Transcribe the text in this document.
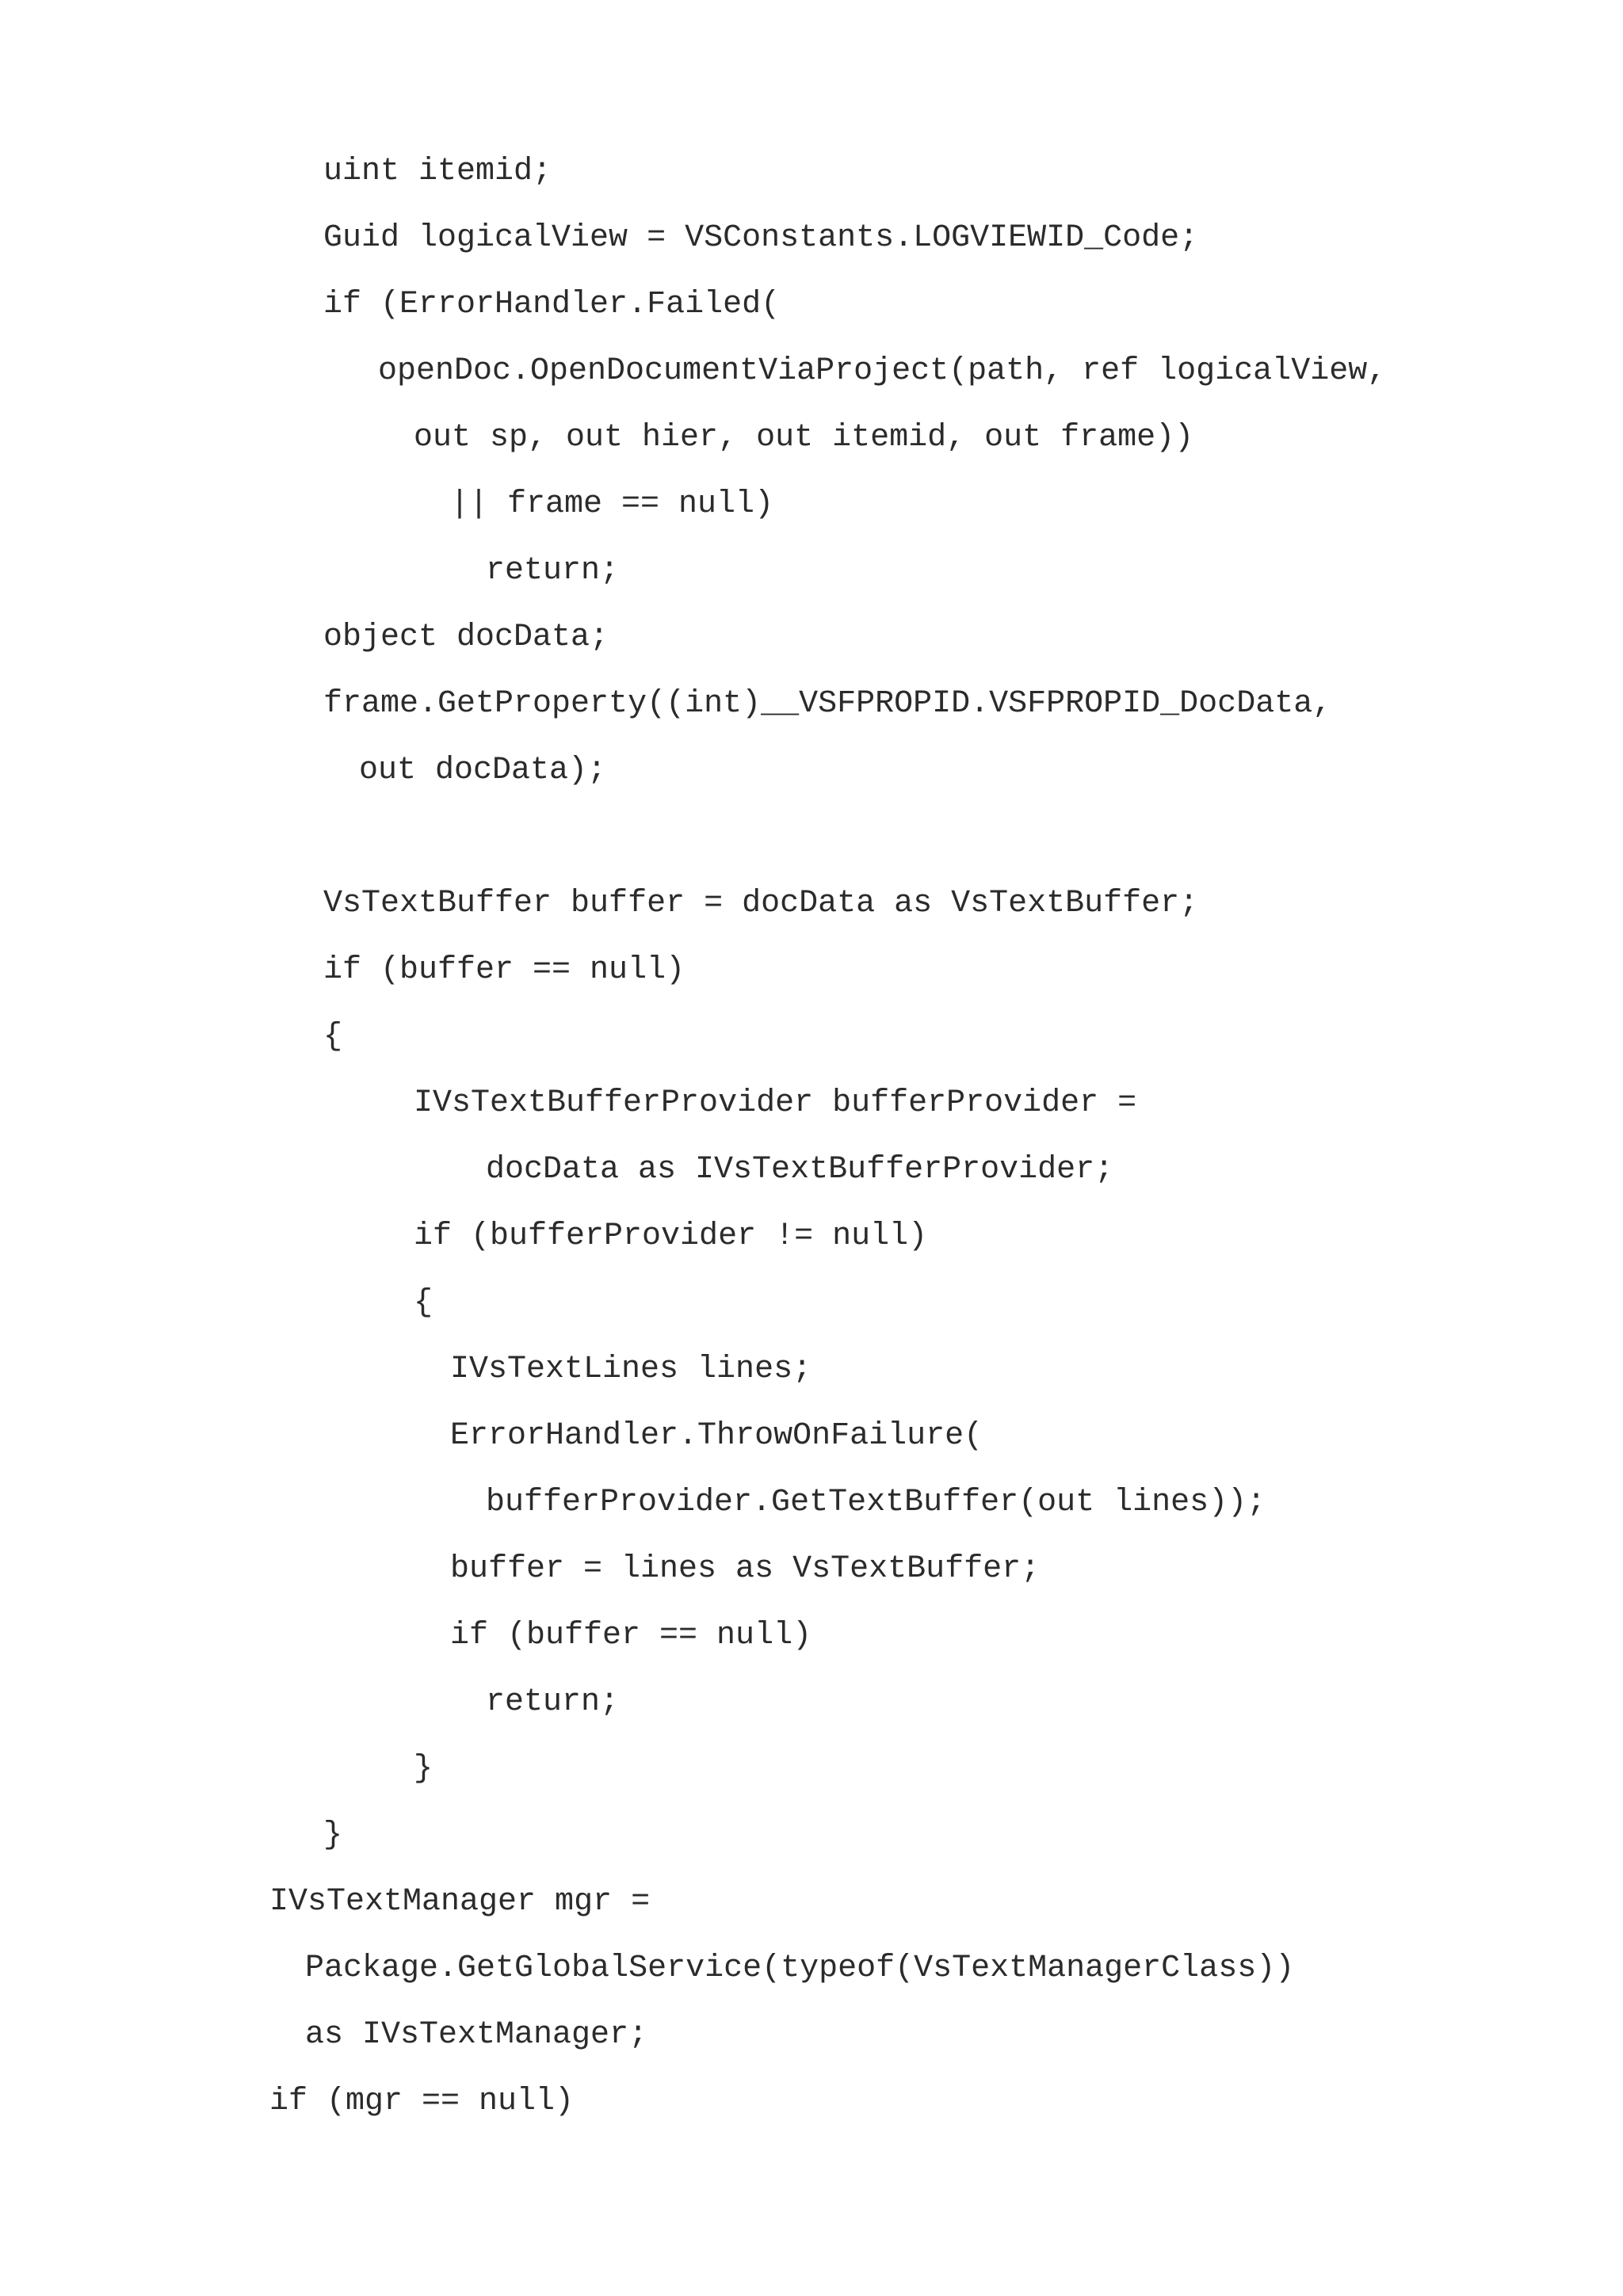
uint itemid;
Guid logicalView = VSConstants.LOGVIEWID_Code;
if (ErrorHandler.Failed(
openDoc.OpenDocumentViaProject(path, ref logicalView,
out sp, out hier, out itemid, out frame))
|| frame == null)
return;
object docData;
frame.GetProperty((int)__VSFPROPID.VSFPROPID_DocData,
out docData);
VsTextBuffer buffer = docData as VsTextBuffer;
if (buffer == null)
{
IVsTextBufferProvider bufferProvider =
docData as IVsTextBufferProvider;
if (bufferProvider != null)
{
IVsTextLines lines;
ErrorHandler.ThrowOnFailure(
bufferProvider.GetTextBuffer(out lines));
buffer = lines as VsTextBuffer;
if (buffer == null)
return;
}
}
IVsTextManager mgr =
Package.GetGlobalService(typeof(VsTextManagerClass))
as IVsTextManager;
if (mgr == null)
